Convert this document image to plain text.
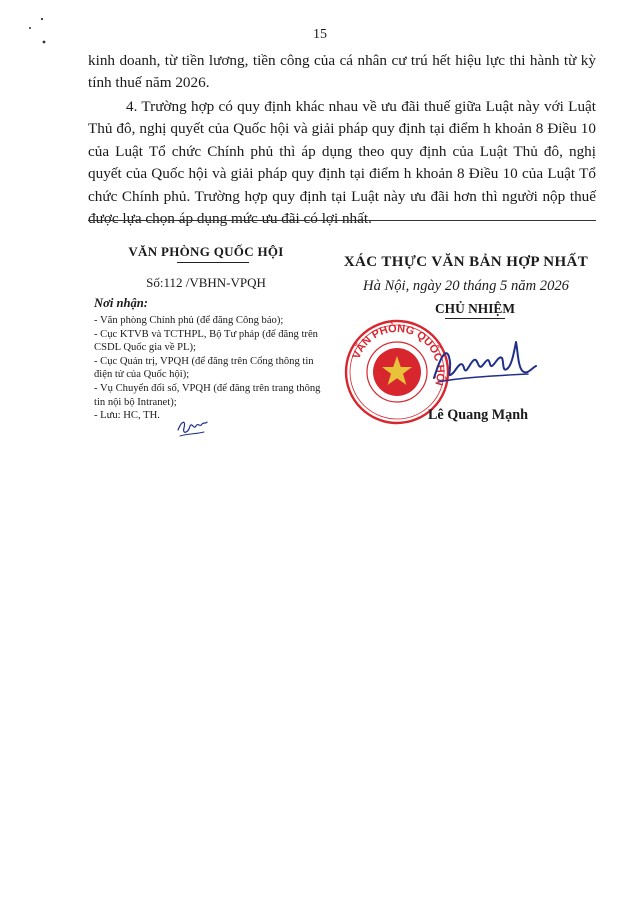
15
kinh doanh, từ tiền lương, tiền công của cá nhân cư trú hết hiệu lực thi hành từ kỳ tính thuế năm 2026.
4. Trường hợp có quy định khác nhau về ưu đãi thuế giữa Luật này với Luật Thủ đô, nghị quyết của Quốc hội và giải pháp quy định tại điểm h khoản 8 Điều 10 của Luật Tổ chức Chính phủ thì áp dụng theo quy định của Luật Thủ đô, nghị quyết của Quốc hội và giải pháp quy định tại điểm h khoản 8 Điều 10 của Luật Tổ chức Chính phủ. Trường hợp quy định tại Luật này ưu đãi hơn thì người nộp thuế được lựa chọn áp dụng mức ưu đãi có lợi nhất.
VĂN PHÒNG QUỐC HỘI
Số:112 /VBHN-VPQH
Nơi nhận:
- Văn phòng Chính phủ (để đăng Công báo);
- Cục KTVB và TCTHPL, Bộ Tư pháp (để đăng trên CSDL Quốc gia về PL);
- Cục Quản trị, VPQH (để đăng trên Cổng thông tin điện tử của Quốc hội);
- Vụ Chuyển đổi số, VPQH (để đăng trên trang thông tin nội bộ Intranet);
- Lưu: HC, TH.
XÁC THỰC VĂN BẢN HỢP NHẤT
Hà Nội, ngày 20 tháng 5 năm 2026
CHỦ NHIỆM
VĂN PHÒNG QUỐC HỘI
Lê Quang Mạnh
